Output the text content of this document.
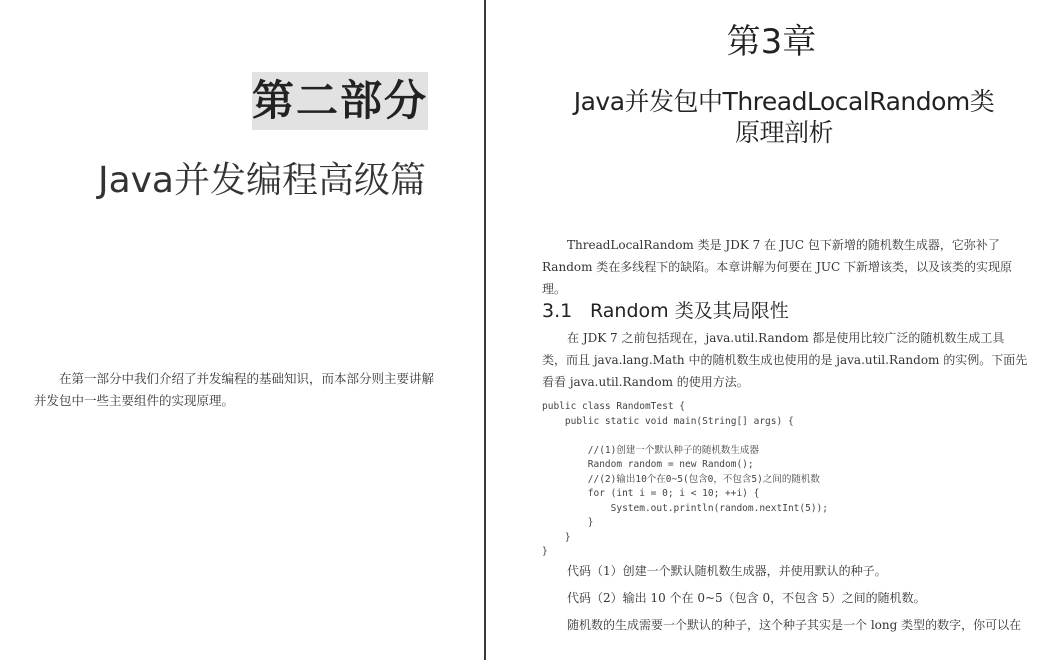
第二部分
Java并发编程高级篇
在第一部分中我们介绍了并发编程的基础知识，而本部分则主要讲解并发包中一些主要组件的实现原理。
第3章
Java并发包中ThreadLocalRandom类
原理剖析
ThreadLocalRandom 类是 JDK 7 在 JUC 包下新增的随机数生成器，它弥补了 Random 类在多线程下的缺陷。本章讲解为何要在 JUC 下新增该类，以及该类的实现原理。
3.1 Random 类及其局限性
在 JDK 7 之前包括现在，java.util.Random 都是使用比较广泛的随机数生成工具类，而且 java.lang.Math 中的随机数生成也使用的是 java.util.Random 的实例。下面先看看 java.util.Random 的使用方法。
public class RandomTest {
public static void main(String[] args) {
//(1)创建一个默认种子的随机数生成器
Random random = new Random();
//(2)输出10个在0~5(包含0，不包含5)之间的随机数
for (int i = 0; i < 10; ++i) {
System.out.println(random.nextInt(5));
}
}
}
代码（1）创建一个默认随机数生成器，并使用默认的种子。
代码（2）输出 10 个在 0~5（包含 0，不包含 5）之间的随机数。
随机数的生成需要一个默认的种子，这个种子其实是一个 long 类型的数字，你可以在
